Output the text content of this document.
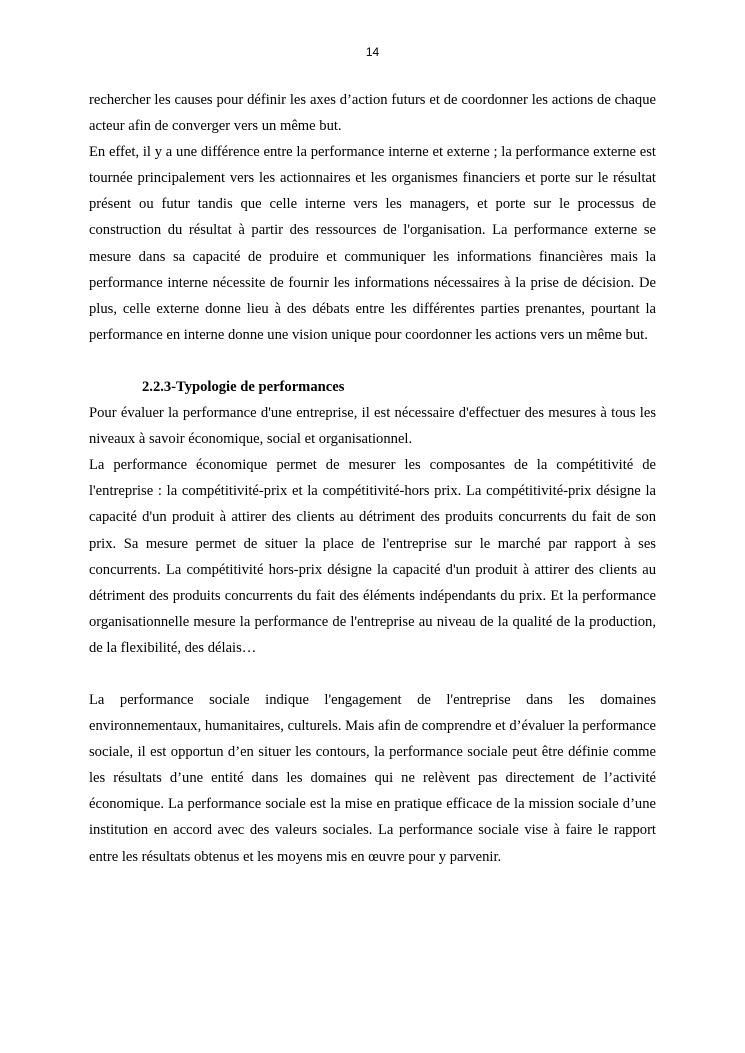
14

rechercher les causes pour définir les axes d’action futurs et de coordonner les actions de chaque acteur afin de converger vers un même but.

En effet, il y a une différence entre la performance interne et externe ; la performance externe est tournée principalement vers les actionnaires et les organismes financiers et porte sur le résultat présent ou futur tandis que celle interne vers les managers, et porte sur le processus de construction du résultat à partir des ressources de l'organisation. La performance externe se mesure dans sa capacité de produire et communiquer les informations financières mais la performance interne nécessite de fournir les informations nécessaires à la prise de décision. De plus, celle externe donne lieu à des débats entre les différentes parties prenantes, pourtant la performance en interne donne une vision unique pour coordonner les actions vers un même but.

2.2.3-Typologie de performances

Pour évaluer la performance d'une entreprise, il est nécessaire d'effectuer des mesures à tous les niveaux à savoir économique, social et organisationnel.

La performance économique permet de mesurer les composantes de la compétitivité de l'entreprise : la compétitivité-prix et la compétitivité-hors prix. La compétitivité-prix désigne la capacité d'un produit à attirer des clients au détriment des produits concurrents du fait de son prix. Sa mesure permet de situer la place de l'entreprise sur le marché par rapport à ses concurrents. La compétitivité hors-prix désigne la capacité d'un produit à attirer des clients au détriment des produits concurrents du fait des éléments indépendants du prix. Et la performance organisationnelle mesure la performance de l'entreprise au niveau de la qualité de la production, de la flexibilité, des délais…

La performance sociale indique l'engagement de l'entreprise dans les domaines environnementaux, humanitaires, culturels. Mais afin de comprendre et d’évaluer la performance sociale, il est opportun d’en situer les contours, la performance sociale peut être définie comme les résultats d’une entité dans les domaines qui ne relèvent pas directement de l’activité économique. La performance sociale est la mise en pratique efficace de la mission sociale d’une institution en accord avec des valeurs sociales. La performance sociale vise à faire le rapport entre les résultats obtenus et les moyens mis en œuvre pour y parvenir.
